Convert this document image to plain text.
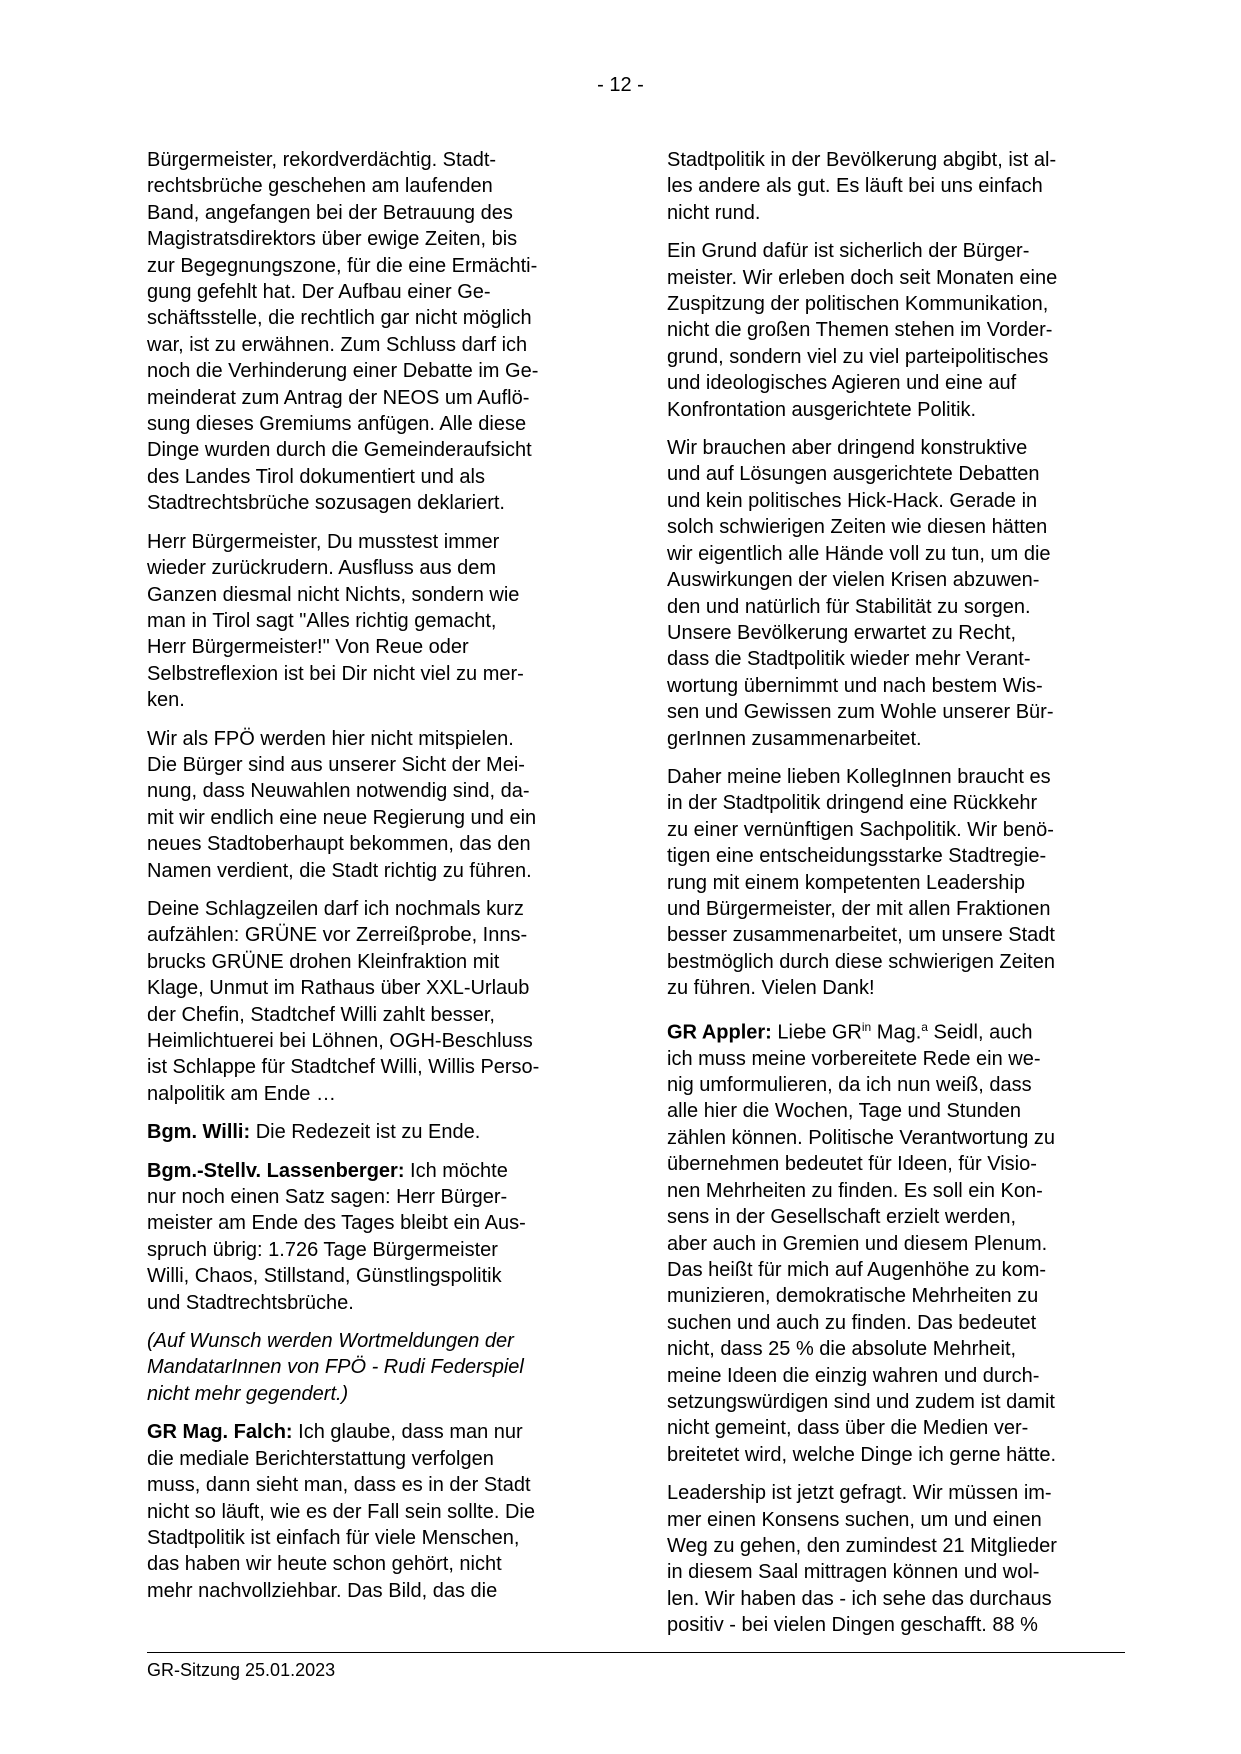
- 12 -
Bürgermeister, rekordverdächtig. Stadt-
rechtsbrüche geschehen am laufenden
Band, angefangen bei der Betrauung des
Magistratsdirektors über ewige Zeiten, bis
zur Begegnungszone, für die eine Ermächti-
gung gefehlt hat. Der Aufbau einer Ge-
schäftsstelle, die rechtlich gar nicht möglich
war, ist zu erwähnen. Zum Schluss darf ich
noch die Verhinderung einer Debatte im Ge-
meinderat zum Antrag der NEOS um Auflö-
sung dieses Gremiums anfügen. Alle diese
Dinge wurden durch die Gemeinderaufsicht
des Landes Tirol dokumentiert und als
Stadtrechtsbrüche sozusagen deklariert.
Herr Bürgermeister, Du musstest immer
wieder zurückrudern. Ausfluss aus dem
Ganzen diesmal nicht Nichts, sondern wie
man in Tirol sagt "Alles richtig gemacht,
Herr Bürgermeister!" Von Reue oder
Selbstreflexion ist bei Dir nicht viel zu mer-
ken.
Wir als FPÖ werden hier nicht mitspielen.
Die Bürger sind aus unserer Sicht der Mei-
nung, dass Neuwahlen notwendig sind, da-
mit wir endlich eine neue Regierung und ein
neues Stadtoberhaupt bekommen, das den
Namen verdient, die Stadt richtig zu führen.
Deine Schlagzeilen darf ich nochmals kurz
aufzählen: GRÜNE vor Zerreißprobe, Inns-
brucks GRÜNE drohen Kleinfraktion mit
Klage, Unmut im Rathaus über XXL-Urlaub
der Chefin, Stadtchef Willi zahlt besser,
Heimlichtuerei bei Löhnen, OGH-Beschluss
ist Schlappe für Stadtchef Willi, Willis Perso-
nalpolitik am Ende …
Bgm. Willi: Die Redezeit ist zu Ende.
Bgm.-Stellv. Lassenberger: Ich möchte
nur noch einen Satz sagen: Herr Bürger-
meister am Ende des Tages bleibt ein Aus-
spruch übrig: 1.726 Tage Bürgermeister
Willi, Chaos, Stillstand, Günstlingspolitik
und Stadtrechtsbrüche.
(Auf Wunsch werden Wortmeldungen der
MandatarInnen von FPÖ - Rudi Federspiel
nicht mehr gegendert.)
GR Mag. Falch: Ich glaube, dass man nur
die mediale Berichterstattung verfolgen
muss, dann sieht man, dass es in der Stadt
nicht so läuft, wie es der Fall sein sollte. Die
Stadtpolitik ist einfach für viele Menschen,
das haben wir heute schon gehört, nicht
mehr nachvollziehbar. Das Bild, das die
Stadtpolitik in der Bevölkerung abgibt, ist al-
les andere als gut. Es läuft bei uns einfach
nicht rund.
Ein Grund dafür ist sicherlich der Bürger-
meister. Wir erleben doch seit Monaten eine
Zuspitzung der politischen Kommunikation,
nicht die großen Themen stehen im Vorder-
grund, sondern viel zu viel parteipolitisches
und ideologisches Agieren und eine auf
Konfrontation ausgerichtete Politik.
Wir brauchen aber dringend konstruktive
und auf Lösungen ausgerichtete Debatten
und kein politisches Hick-Hack. Gerade in
solch schwierigen Zeiten wie diesen hätten
wir eigentlich alle Hände voll zu tun, um die
Auswirkungen der vielen Krisen abzuwen-
den und natürlich für Stabilität zu sorgen.
Unsere Bevölkerung erwartet zu Recht,
dass die Stadtpolitik wieder mehr Verant-
wortung übernimmt und nach bestem Wis-
sen und Gewissen zum Wohle unserer Bür-
gerInnen zusammenarbeitet.
Daher meine lieben KollegInnen braucht es
in der Stadtpolitik dringend eine Rückkehr
zu einer vernünftigen Sachpolitik. Wir benö-
tigen eine entscheidungsstarke Stadtregie-
rung mit einem kompetenten Leadership
und Bürgermeister, der mit allen Fraktionen
besser zusammenarbeitet, um unsere Stadt
bestmöglich durch diese schwierigen Zeiten
zu führen. Vielen Dank!
GR Appler: Liebe $GR^{in}$ Mag.$^a$ Seidl, auch
ich muss meine vorbereitete Rede ein we-
nig umformulieren, da ich nun weiß, dass
alle hier die Wochen, Tage und Stunden
zählen können. Politische Verantwortung zu
übernehmen bedeutet für Ideen, für Visio-
nen Mehrheiten zu finden. Es soll ein Kon-
sens in der Gesellschaft erzielt werden,
aber auch in Gremien und diesem Plenum.
Das heißt für mich auf Augenhöhe zu kom-
munizieren, demokratische Mehrheiten zu
suchen und auch zu finden. Das bedeutet
nicht, dass 25 % die absolute Mehrheit,
meine Ideen die einzig wahren und durch-
setzungswürdigen sind und zudem ist damit
nicht gemeint, dass über die Medien ver-
breitetet wird, welche Dinge ich gerne hätte.
Leadership ist jetzt gefragt. Wir müssen im-
mer einen Konsens suchen, um und einen
Weg zu gehen, den zumindest 21 Mitglieder
in diesem Saal mittragen können und wol-
len. Wir haben das - ich sehe das durchaus
positiv - bei vielen Dingen geschafft. 88 %
GR-Sitzung 25.01.2023
